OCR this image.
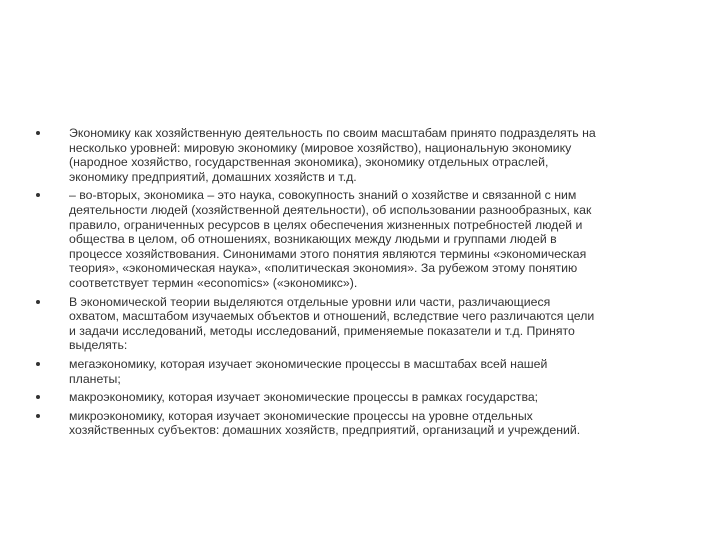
Экономику как хозяйственную деятельность по своим масштабам принято подразделять на
несколько уровней: мировую экономику (мировое хозяйство), национальную экономику
(народное хозяйство, государственная экономика), экономику отдельных отраслей,
экономику предприятий, домашних хозяйств и т.д.
– во-вторых, экономика – это наука, совокупность знаний о хозяйстве и связанной с ним
деятельности людей (хозяйственной деятельности), об использовании разнообразных, как
правило, ограниченных ресурсов в целях обеспечения жизненных потребностей людей и
общества в целом, об отношениях, возникающих между людьми и группами людей в
процессе хозяйствования. Синонимами этого понятия являются термины «экономическая
теория», «экономическая наука», «политическая экономия». За рубежом этому понятию
соответствует термин «economics» («экономикс»).
В экономической теории выделяются отдельные уровни или части, различающиеся
охватом, масштабом изучаемых объектов и отношений, вследствие чего различаются цели
и задачи исследований, методы исследований, применяемые показатели и т.д. Принято
выделять:
мегаэкономику, которая изучает экономические процессы в масштабах всей нашей
планеты;
макроэкономику, которая изучает экономические процессы в рамках государства;
микроэкономику, которая изучает экономические процессы на уровне отдельных
хозяйственных субъектов: домашних хозяйств, предприятий, организаций и учреждений.
